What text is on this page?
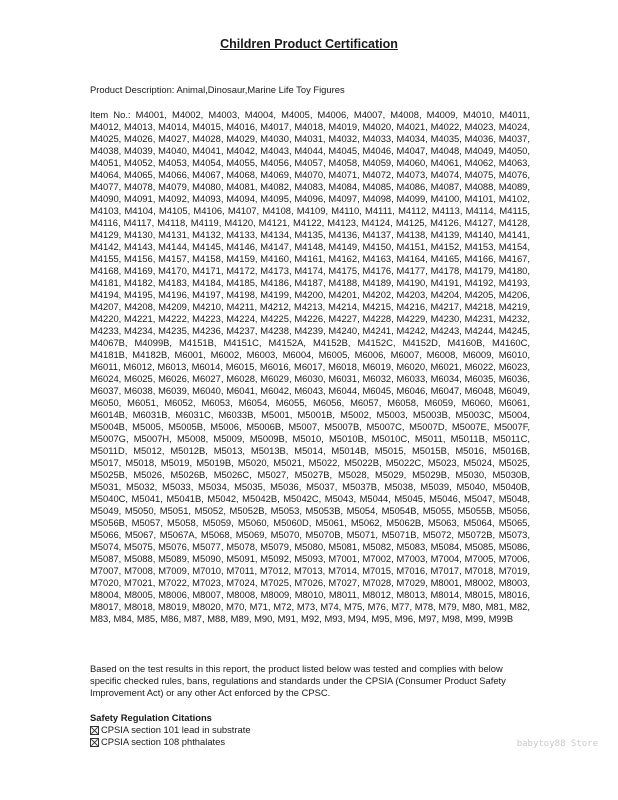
Children Product Certification
Product Description: Animal,Dinosaur,Marine Life Toy Figures
Item No.: M4001, M4002, M4003, M4004, M4005, M4006, M4007, M4008, M4009, M4010, M4011, M4012, M4013, M4014, M4015, M4016, M4017, M4018, M4019, M4020, M4021, M4022, M4023, M4024, M4025, M4026, M4027, M4028, M4029, M4030, M4031, M4032, M4033, M4034, M4035, M4036, M4037, M4038, M4039, M4040, M4041, M4042, M4043, M4044, M4045, M4046, M4047, M4048, M4049, M4050, M4051, M4052, M4053, M4054, M4055, M4056, M4057, M4058, M4059, M4060, M4061, M4062, M4063, M4064, M4065, M4066, M4067, M4068, M4069, M4070, M4071, M4072, M4073, M4074, M4075, M4076, M4077, M4078, M4079, M4080, M4081, M4082, M4083, M4084, M4085, M4086, M4087, M4088, M4089, M4090, M4091, M4092, M4093, M4094, M4095, M4096, M4097, M4098, M4099, M4100, M4101, M4102, M4103, M4104, M4105, M4106, M4107, M4108, M4109, M4110, M4111, M4112, M4113, M4114, M4115, M4116, M4117, M4118, M4119, M4120, M4121, M4122, M4123, M4124, M4125, M4126, M4127, M4128, M4129, M4130, M4131, M4132, M4133, M4134, M4135, M4136, M4137, M4138, M4139, M4140, M4141, M4142, M4143, M4144, M4145, M4146, M4147, M4148, M4149, M4150, M4151, M4152, M4153, M4154, M4155, M4156, M4157, M4158, M4159, M4160, M4161, M4162, M4163, M4164, M4165, M4166, M4167, M4168, M4169, M4170, M4171, M4172, M4173, M4174, M4175, M4176, M4177, M4178, M4179, M4180, M4181, M4182, M4183, M4184, M4185, M4186, M4187, M4188, M4189, M4190, M4191, M4192, M4193, M4194, M4195, M4196, M4197, M4198, M4199, M4200, M4201, M4202, M4203, M4204, M4205, M4206, M4207, M4208, M4209, M4210, M4211, M4212, M4213, M4214, M4215, M4216, M4217, M4218, M4219, M4220, M4221, M4222, M4223, M4224, M4225, M4226, M4227, M4228, M4229, M4230, M4231, M4232, M4233, M4234, M4235, M4236, M4237, M4238, M4239, M4240, M4241, M4242, M4243, M4244, M4245, M4067B, M4099B, M4151B, M4151C, M4152A, M4152B, M4152C, M4152D, M4160B, M4160C, M4181B, M4182B, M6001, M6002, M6003, M6004, M6005, M6006, M6007, M6008, M6009, M6010, M6011, M6012, M6013, M6014, M6015, M6016, M6017, M6018, M6019, M6020, M6021, M6022, M6023, M6024, M6025, M6026, M6027, M6028, M6029, M6030, M6031, M6032, M6033, M6034, M6035, M6036, M6037, M6038, M6039, M6040, M6041, M6042, M6043, M6044, M6045, M6046, M6047, M6048, M6049, M6050, M6051, M6052, M6053, M6054, M6055, M6056, M6057, M6058, M6059, M6060, M6061, M6014B, M6031B, M6031C, M6033B, M5001, M5001B, M5002, M5003, M5003B, M5003C, M5004, M5004B, M5005, M5005B, M5006, M5006B, M5007, M5007B, M5007C, M5007D, M5007E, M5007F, M5007G, M5007H, M5008, M5009, M5009B, M5010, M5010B, M5010C, M5011, M5011B, M5011C, M5011D, M5012, M5012B, M5013, M5013B, M5014, M5014B, M5015, M5015B, M5016, M5016B, M5017, M5018, M5019, M5019B, M5020, M5021, M5022, M5022B, M5022C, M5023, M5024, M5025, M5025B, M5026, M5026B, M5026C, M5027, M5027B, M5028, M5029, M5029B, M5030, M5030B, M5031, M5032, M5033, M5034, M5035, M5036, M5037, M5037B, M5038, M5039, M5040, M5040B, M5040C, M5041, M5041B, M5042, M5042B, M5042C, M5043, M5044, M5045, M5046, M5047, M5048, M5049, M5050, M5051, M5052, M5052B, M5053, M5053B, M5054, M5054B, M5055, M5055B, M5056, M5056B, M5057, M5058, M5059, M5060, M5060D, M5061, M5062, M5062B, M5063, M5064, M5065, M5066, M5067, M5067A, M5068, M5069, M5070, M5070B, M5071, M5071B, M5072, M5072B, M5073, M5074, M5075, M5076, M5077, M5078, M5079, M5080, M5081, M5082, M5083, M5084, M5085, M5086, M5087, M5088, M5089, M5090, M5091, M5092, M5093, M7001, M7002, M7003, M7004, M7005, M7006, M7007, M7008, M7009, M7010, M7011, M7012, M7013, M7014, M7015, M7016, M7017, M7018, M7019, M7020, M7021, M7022, M7023, M7024, M7025, M7026, M7027, M7028, M7029, M8001, M8002, M8003, M8004, M8005, M8006, M8007, M8008, M8009, M8010, M8011, M8012, M8013, M8014, M8015, M8016, M8017, M8018, M8019, M8020, M70, M71, M72, M73, M74, M75, M76, M77, M78, M79, M80, M81, M82, M83, M84, M85, M86, M87, M88, M89, M90, M91, M92, M93, M94, M95, M96, M97, M98, M99, M99B
Based on the test results in this report, the product listed below was tested and complies with below specific checked rules, bans, regulations and standards under the CPSIA (Consumer Product Safety Improvement Act) or any other Act enforced by the CPSC.
Safety Regulation Citations
CPSIA section 101 lead in substrate
CPSIA section 108 phthalates	babytoy88 Store
